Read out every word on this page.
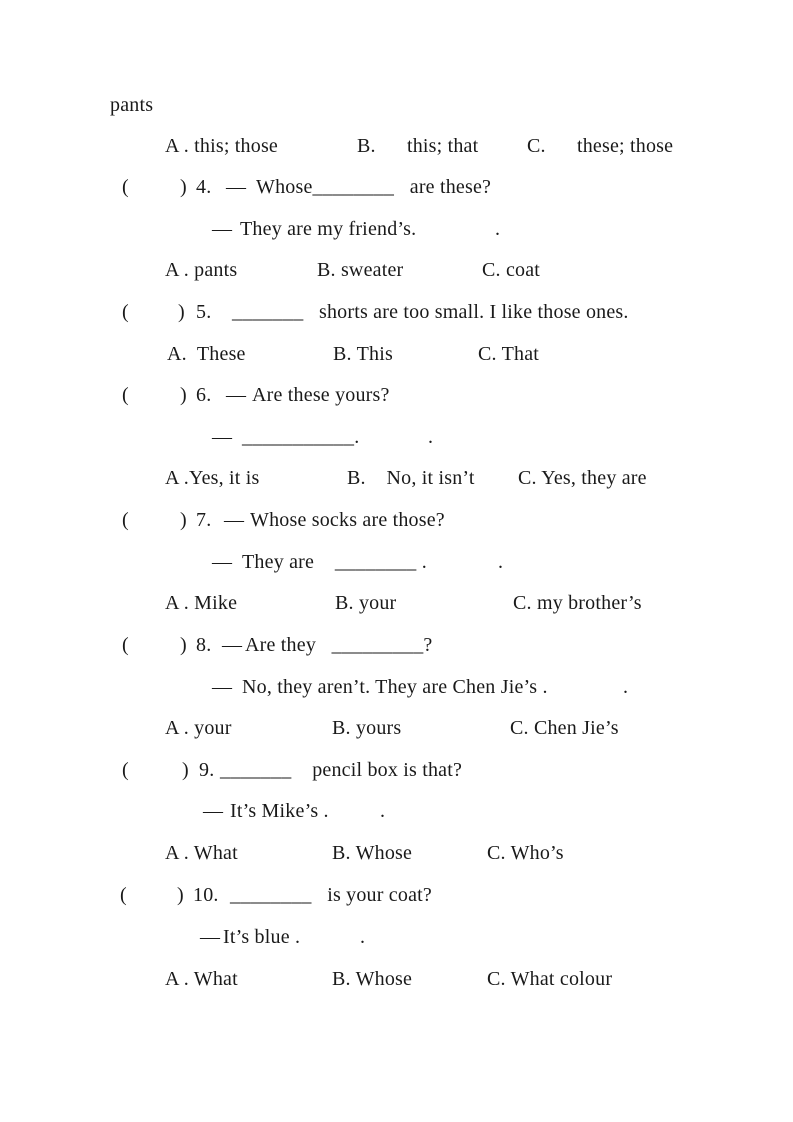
pants
A . this; those	B.      this; that C.      these; those
(	) 4. — Whose________   are these?
— They are my friend’s.	.
A . pants	B. sweater	C. coat
( ) 5. _______   shorts are too small. I like those ones.
A.  These	B. This	C. That
(	) 6. — Are these yours?
— ___________.	.
A .Yes, it is	B.    No, it isn’t C. Yes, they are
(	) 7. — Whose socks are those?
— They are    ________ .	.
A . Mike	B. your	C. my brother’s
(	) 8. — Are they   _________?
— No, they aren’t. They are Chen Jie’s .	.
A . your	B. yours	C. Chen Jie’s
(	) 9. _______    pencil box is that?
— It’s Mike’s .	.
A . What	B. Whose	C. Who’s
(	) 10. ________   is your coat?
— It’s blue .	.
A . What	B. Whose	C. What colour
